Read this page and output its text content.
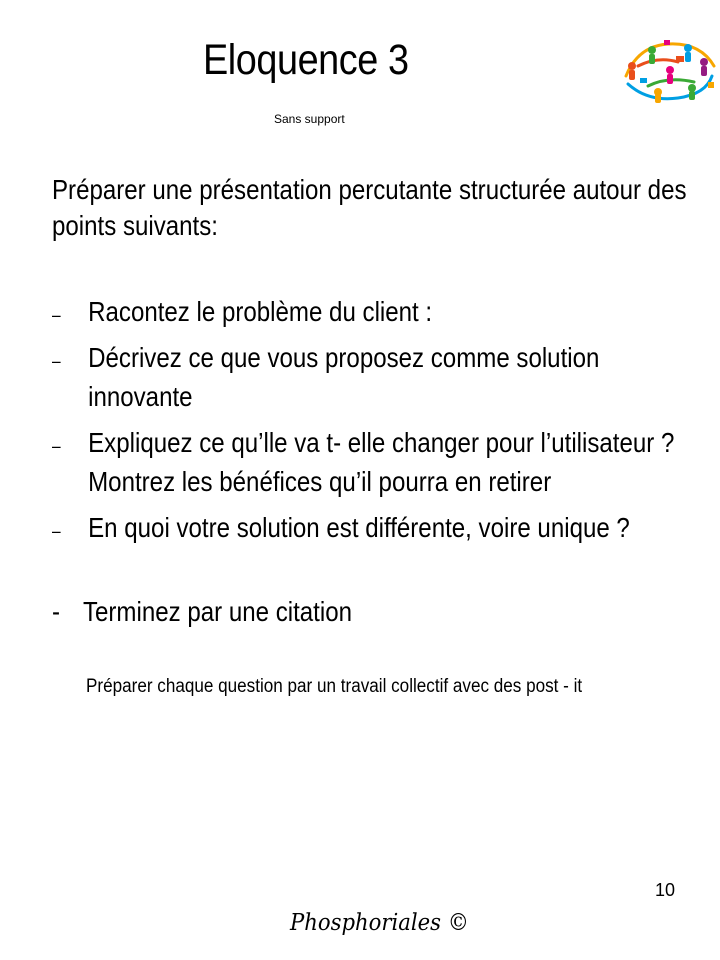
Eloquence 3
Sans support
Préparer une présentation percutante structurée autour des points suivants:
– Racontez le problème du client :
– Décrivez ce que vous proposez comme solution innovante
– Expliquez ce qu’lle va t- elle changer pour l’utilisateur ? Montrez les bénéfices qu’il pourra en retirer
– En quoi votre solution est différente, voire unique ?
- Terminez par une citation
Préparer chaque question par un travail collectif avec des post - it
10
Phosphoriales ©
